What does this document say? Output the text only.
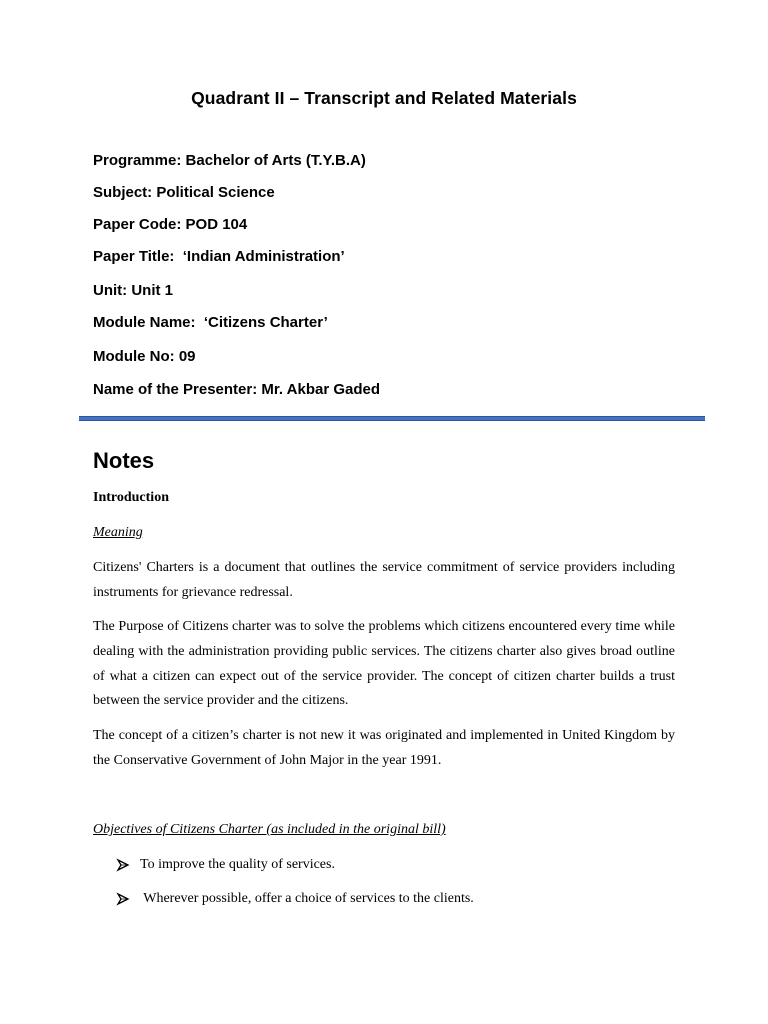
Quadrant II – Transcript and Related Materials
Programme: Bachelor of Arts (T.Y.B.A)
Subject: Political Science
Paper Code: POD 104
Paper Title:  ‘Indian Administration’
Unit: Unit 1
Module Name:  ‘Citizens Charter’
Module No: 09
Name of the Presenter: Mr. Akbar Gaded
Notes
Introduction
Meaning
Citizens' Charters is a document that outlines the service commitment of service providers including instruments for grievance redressal.
The Purpose of Citizens charter was to solve the problems which citizens encountered every time while dealing with the administration providing public services. The citizens charter also gives broad outline of what a citizen can expect out of the service provider. The concept of citizen charter builds a trust between the service provider and the citizens.
The concept of a citizen’s charter is not new it was originated and implemented in United Kingdom by the Conservative Government of John Major in the year 1991.
Objectives of Citizens Charter (as included in the original bill)
To improve the quality of services.
Wherever possible, offer a choice of services to the clients.
